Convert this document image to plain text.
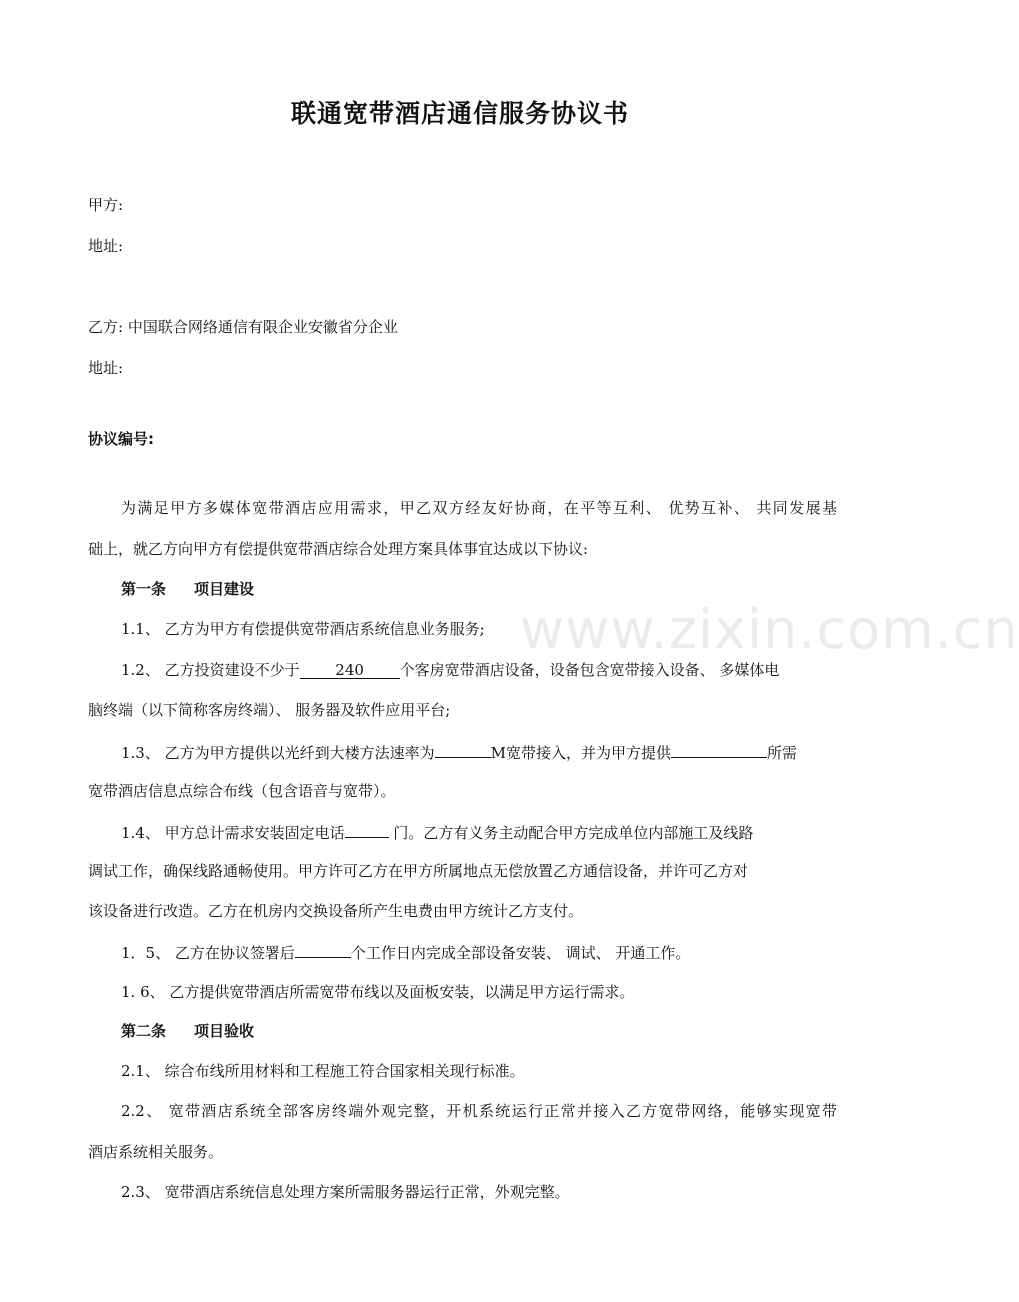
联通宽带酒店通信服务协议书
甲方:
地址:
乙方: 中国联合网络通信有限企业安徽省分企业
地址:
协议编号:
为满足甲方多媒体宽带酒店应用需求，甲乙双方经友好协商，在平等互利、 优势互补、 共同发展基
础上，就乙方向甲方有偿提供宽带酒店综合处理方案具体事宜达成以下协议:
第一条 项目建设
1.1、 乙方为甲方有偿提供宽带酒店系统信息业务服务;
1.2、 乙方投资建设不少于 240 个客房宽带酒店设备，设备包含宽带接入设备、 多媒体电
脑终端（以下简称客房终端）、 服务器及软件应用平台;
1.3、 乙方为甲方提供以光纤到大楼方法速率为	M宽带接入，并为甲方提供	所需
宽带酒店信息点综合布线（包含语音与宽带）。
1.4、 甲方总计需求安装固定电话	门。乙方有义务主动配合甲方完成单位内部施工及线路
调试工作，确保线路通畅使用。甲方许可乙方在甲方所属地点无偿放置乙方通信设备，并许可乙方对
该设备进行改造。乙方在机房内交换设备所产生电费由甲方统计乙方支付。
1．5、 乙方在协议签署后	个工作日内完成全部设备安装、 调试、 开通工作。
1. 6、 乙方提供宽带酒店所需宽带布线以及面板安装，以满足甲方运行需求。
第二条 项目验收
2.1、 综合布线所用材料和工程施工符合国家相关现行标准。
2.2、 宽带酒店系统全部客房终端外观完整，开机系统运行正常并接入乙方宽带网络，能够实现宽带
酒店系统相关服务。
2.3、 宽带酒店系统信息处理方案所需服务器运行正常，外观完整。
www.zixin.com.cn
